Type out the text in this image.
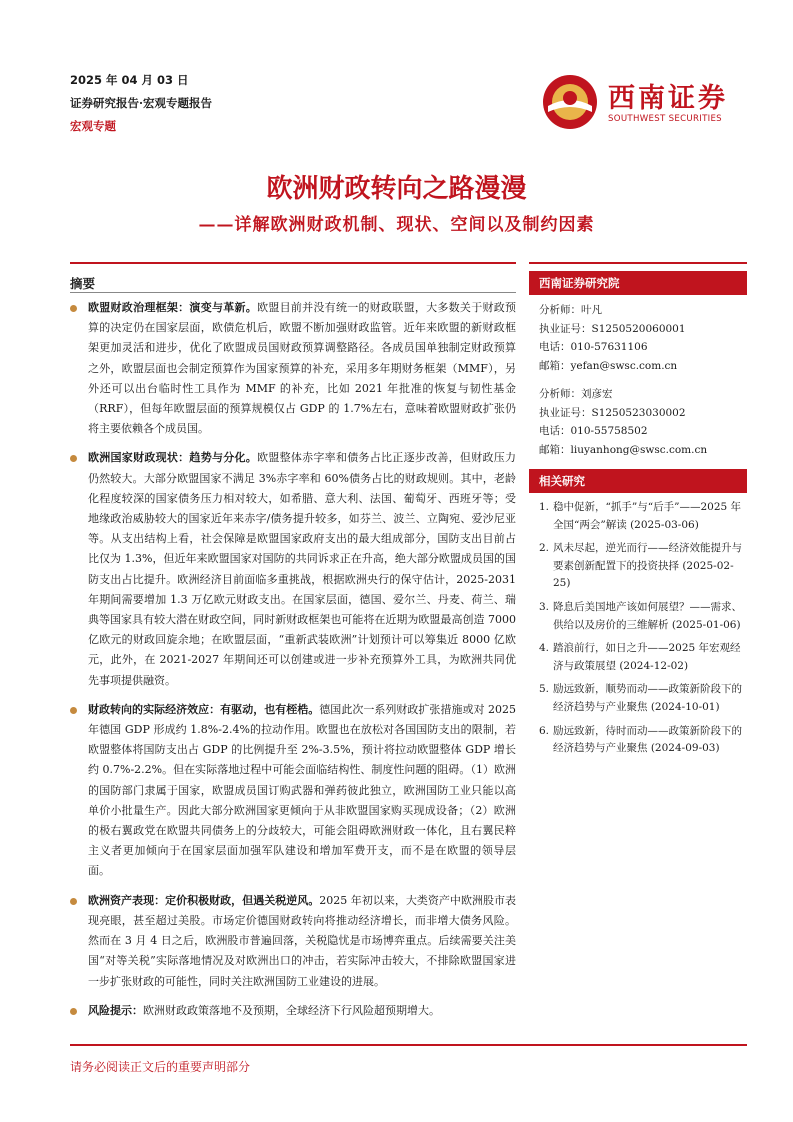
2025 年 04 月 03 日
证券研究报告·宏观专题报告
宏观专题
西南证券
SOUTHWEST SECURITIES
欧洲财政转向之路漫漫
——详解欧洲财政机制、现状、空间以及制约因素
摘要
欧盟财政治理框架：演变与革新。欧盟目前并没有统一的财政联盟，大多数关于财政预算的决定仍在国家层面，欧债危机后，欧盟不断加强财政监管。近年来欧盟的新财政框架更加灵活和进步，优化了欧盟成员国财政预算调整路径。各成员国单独制定财政预算之外，欧盟层面也会制定预算作为国家预算的补充，采用多年期财务框架（MMF），另外还可以出台临时性工具作为 MMF 的补充，比如 2021 年批准的恢复与韧性基金（RRF），但每年欧盟层面的预算规模仅占 GDP 的 1.7%左右，意味着欧盟财政扩张仍将主要依赖各个成员国。
欧洲国家财政现状：趋势与分化。欧盟整体赤字率和债务占比正逐步改善，但财政压力仍然较大。大部分欧盟国家不满足 3%赤字率和 60%债务占比的财政规则。其中，老龄化程度较深的国家债务压力相对较大，如希腊、意大利、法国、葡萄牙、西班牙等；受地缘政治威胁较大的国家近年来赤字/债务提升较多，如芬兰、波兰、立陶宛、爱沙尼亚等。从支出结构上看，社会保障是欧盟国家政府支出的最大组成部分，国防支出目前占比仅为 1.3%，但近年来欧盟国家对国防的共同诉求正在升高，绝大部分欧盟成员国的国防支出占比提升。欧洲经济目前面临多重挑战，根据欧洲央行的保守估计，2025-2031 年期间需要增加 1.3 万亿欧元财政支出。在国家层面，德国、爱尔兰、丹麦、荷兰、瑞典等国家具有较大潜在财政空间，同时新财政框架也可能将在近期为欧盟最高创造 7000 亿欧元的财政回旋余地；在欧盟层面，“重新武装欧洲”计划预计可以筹集近 8000 亿欧元，此外，在 2021-2027 年期间还可以创建或进一步补充预算外工具，为欧洲共同优先事项提供融资。
财政转向的实际经济效应：有驱动，也有桎梏。德国此次一系列财政扩张措施或对 2025 年德国 GDP 形成约 1.8%-2.4%的拉动作用。欧盟也在放松对各国国防支出的限制，若欧盟整体将国防支出占 GDP 的比例提升至 2%-3.5%，预计将拉动欧盟整体 GDP 增长约 0.7%-2.2%。但在实际落地过程中可能会面临结构性、制度性问题的阻碍。（1）欧洲的国防部门隶属于国家，欧盟成员国订购武器和弹药彼此独立，欧洲国防工业只能以高单价小批量生产。因此大部分欧洲国家更倾向于从非欧盟国家购买现成设备；（2）欧洲的极右翼政党在欧盟共同债务上的分歧较大，可能会阻碍欧洲财政一体化，且右翼民粹主义者更加倾向于在国家层面加强军队建设和增加军费开支，而不是在欧盟的领导层面。
欧洲资产表现：定价积极财政，但遇关税逆风。2025 年初以来，大类资产中欧洲股市表现亮眼，甚至超过美股。市场定价德国财政转向将推动经济增长，而非增大债务风险。然而在 3 月 4 日之后，欧洲股市普遍回落，关税隐忧是市场博弈重点。后续需要关注美国“对等关税”实际落地情况及对欧洲出口的冲击，若实际冲击较大，不排除欧盟国家进一步扩张财政的可能性，同时关注欧洲国防工业建设的进展。
风险提示：欧洲财政政策落地不及预期，全球经济下行风险超预期增大。
西南证券研究院
分析师：叶凡
执业证号：S1250520060001
电话：010-57631106
邮箱：yefan@swsc.com.cn
分析师：刘彦宏
执业证号：S1250523030002
电话：010-55758502
邮箱：liuyanhong@swsc.com.cn
相关研究
1. 稳中促新，“抓手”与“后手”——2025 年全国“两会”解读 (2025-03-06)
2. 风未尽起，逆光而行——经济效能提升与要素创新配置下的投资抉择 (2025-02-25)
3. 降息后美国地产该如何展望？——需求、供给以及房价的三维解析 (2025-01-06)
4. 踏浪前行，如日之升——2025 年宏观经济与政策展望 (2024-12-02)
5. 励远致新，顺势而动——政策新阶段下的经济趋势与产业聚焦 (2024-10-01)
6. 励远致新，待时而动——政策新阶段下的经济趋势与产业聚焦 (2024-09-03)
请务必阅读正文后的重要声明部分
